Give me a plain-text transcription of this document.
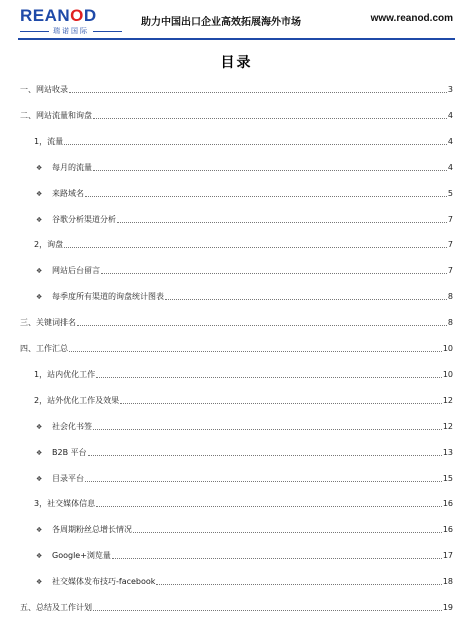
REANOD
瑞诺国际
助力中国出口企业高效拓展海外市场	www.reanod.com
目录
一、网站收录	3
二、网站流量和询盘	4
1，流量	4
❖	每月的流量	4
❖	来路域名	5
❖	谷歌分析渠道分析	7
2，询盘	7
❖	网站后台留言	7
❖	每季度所有渠道的询盘统计图表	8
三、关键词排名	8
四、工作汇总	10
1，站内优化工作	10
2，站外优化工作及效果	12
❖	社会化书签	12
❖	B2B 平台	13
❖	目录平台	15
3，社交媒体信息	16
❖	各周期粉丝总增长情况	16
❖	Google+浏览量	17
❖	社交媒体发布技巧-facebook	18
五、总结及工作计划	19
